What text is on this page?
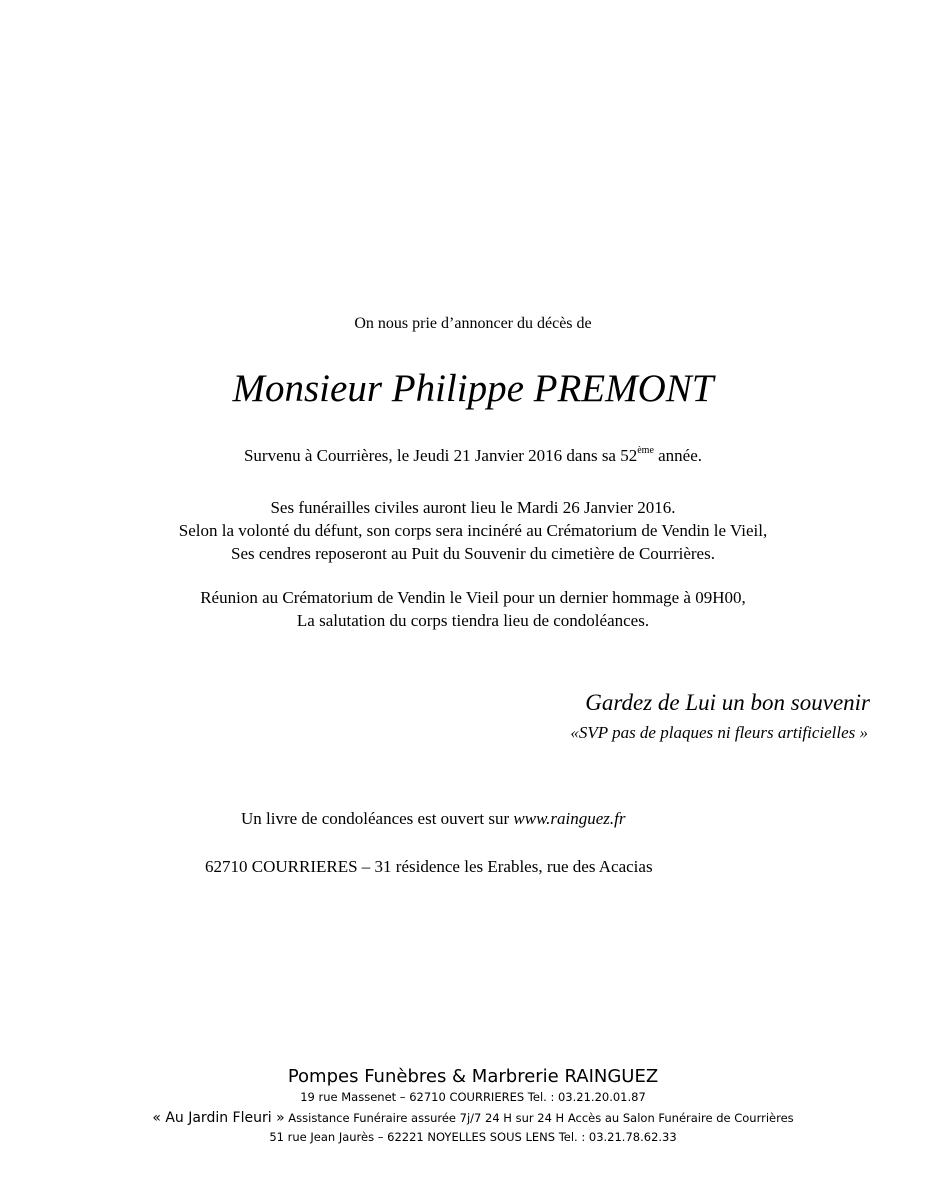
On nous prie d’annoncer du décès de
Monsieur Philippe PREMONT
Survenu à Courrières, le Jeudi 21 Janvier 2016 dans sa 52ème année.
Ses funérailles civiles auront lieu le Mardi 26 Janvier 2016.
Selon la volonté du défunt, son corps sera incinéré au Crématorium de Vendin le Vieil,
Ses cendres reposeront au Puit du Souvenir du cimetière de Courrières.
Réunion au Crématorium de Vendin le Vieil pour un dernier hommage à 09H00,
La salutation du corps tiendra lieu de condoléances.
Gardez de Lui un bon souvenir
«SVP pas de plaques ni fleurs artificielles »
Un livre de condoléances est ouvert sur www.rainguez.fr
62710 COURRIERES – 31 résidence les Erables, rue des Acacias
Pompes Funèbres & Marbrerie RAINGUEZ
19 rue Massenet – 62710 COURRIERES Tel. : 03.21.20.01.87
« Au Jardin Fleuri » Assistance Funéraire assurée 7j/7 24 H sur 24 H Accès au Salon Funéraire de Courrières
51 rue Jean Jaurès – 62221 NOYELLES SOUS LENS Tel. : 03.21.78.62.33
